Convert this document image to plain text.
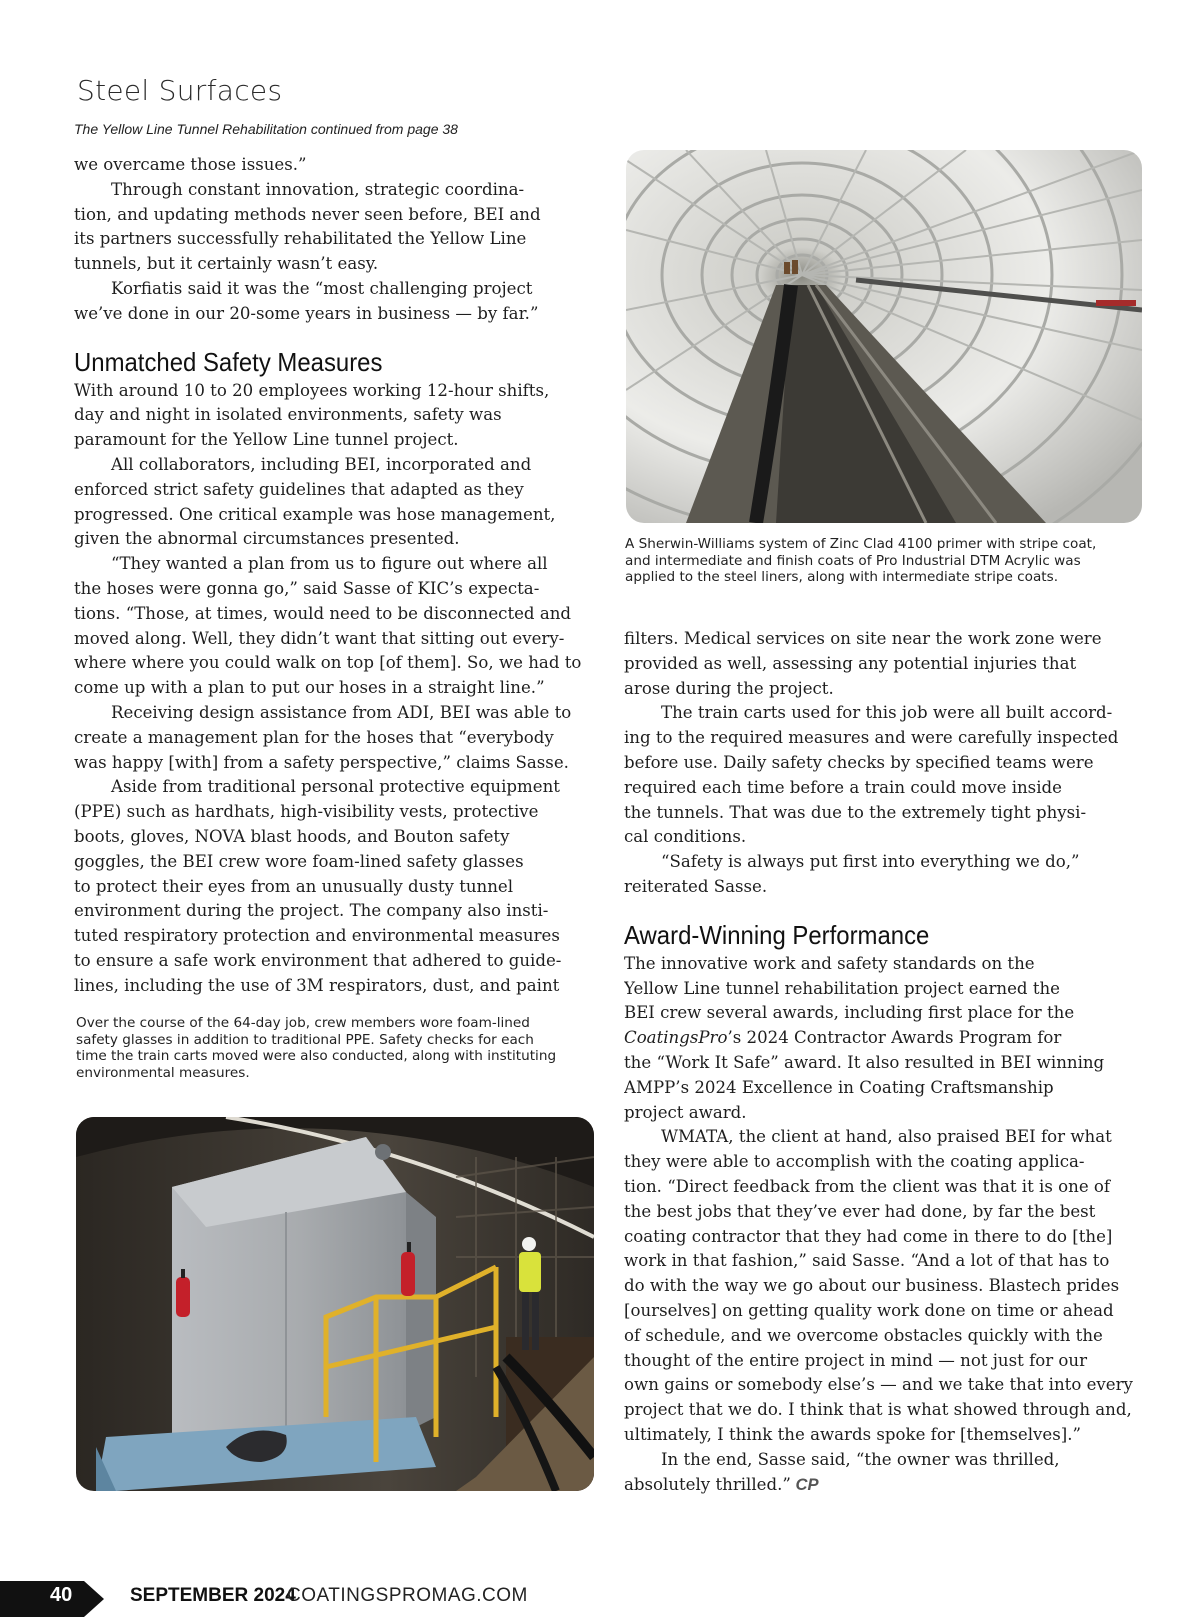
Steel Surfaces
The Yellow Line Tunnel Rehabilitation continued from page 38

we overcame those issues.”

Through constant innovation, strategic coordina-
tion, and updating methods never seen before, BEI and
its partners successfully rehabilitated the Yellow Line
tunnels, but it certainly wasn’t easy.

Korfiatis said it was the “most challenging project
we’ve done in our 20-some years in business — by far.”

Unmatched Safety Measures

With around 10 to 20 employees working 12-hour shifts,
day and night in isolated environments, safety was
paramount for the Yellow Line tunnel project.

All collaborators, including BEI, incorporated and
enforced strict safety guidelines that adapted as they
progressed. One critical example was hose management,
given the abnormal circumstances presented.

“They wanted a plan from us to figure out where all
the hoses were gonna go,” said Sasse of KIC’s expecta-
tions. “Those, at times, would need to be disconnected and
moved along. Well, they didn’t want that sitting out every-
where where you could walk on top [of them]. So, we had to
come up with a plan to put our hoses in a straight line.”

Receiving design assistance from ADI, BEI was able to
create a management plan for the hoses that “everybody
was happy [with] from a safety perspective,” claims Sasse.

Aside from traditional personal protective equipment
(PPE) such as hardhats, high-visibility vests, protective
boots, gloves, NOVA blast hoods, and Bouton safety
goggles, the BEI crew wore foam-lined safety glasses
to protect their eyes from an unusually dusty tunnel
environment during the project. The company also insti-
tuted respiratory protection and environmental measures
to ensure a safe work environment that adhered to guide-
lines, including the use of 3M respirators, dust, and paint

Over the course of the 64-day job, crew members wore foam-lined
safety glasses in addition to traditional PPE. Safety checks for each
time the train carts moved were also conducted, along with instituting
environmental measures.
A Sherwin-Williams system of Zinc Clad 4100 primer with stripe coat,
and intermediate and finish coats of Pro Industrial DTM Acrylic was
applied to the steel liners, along with intermediate stripe coats.

filters. Medical services on site near the work zone were
provided as well, assessing any potential injuries that
arose during the project.

The train carts used for this job were all built accord-
ing to the required measures and were carefully inspected
before use. Daily safety checks by specified teams were
required each time before a train could move inside
the tunnels. That was due to the extremely tight physi-
cal conditions.

“Safety is always put first into everything we do,”
reiterated Sasse.

Award-Winning Performance

The innovative work and safety standards on the
Yellow Line tunnel rehabilitation project earned the
BEI crew several awards, including first place for the

CoatingsPro’s 2024 Contractor Awards Program for

the “Work It Safe” award. It also resulted in BEI winning
AMPP’s 2024 Excellence in Coating Craftsmanship
project award.

WMATA, the client at hand, also praised BEI for what
they were able to accomplish with the coating applica-
tion. “Direct feedback from the client was that it is one of
the best jobs that they’ve ever had done, by far the best
coating contractor that they had come in there to do [the]
work in that fashion,” said Sasse. “And a lot of that has to
do with the way we go about our business. Blastech prides
[ourselves] on getting quality work done on time or ahead
of schedule, and we overcome obstacles quickly with the
thought of the entire project in mind — not just for our
own gains or somebody else’s — and we take that into every
project that we do. I think that is what showed through and,
ultimately, I think the awards spoke for [themselves].”

In the end, Sasse said, “the owner was thrilled,
absolutely thrilled.” CP

40	SEPTEMBER 2024
COATINGSPROMAG.COM
